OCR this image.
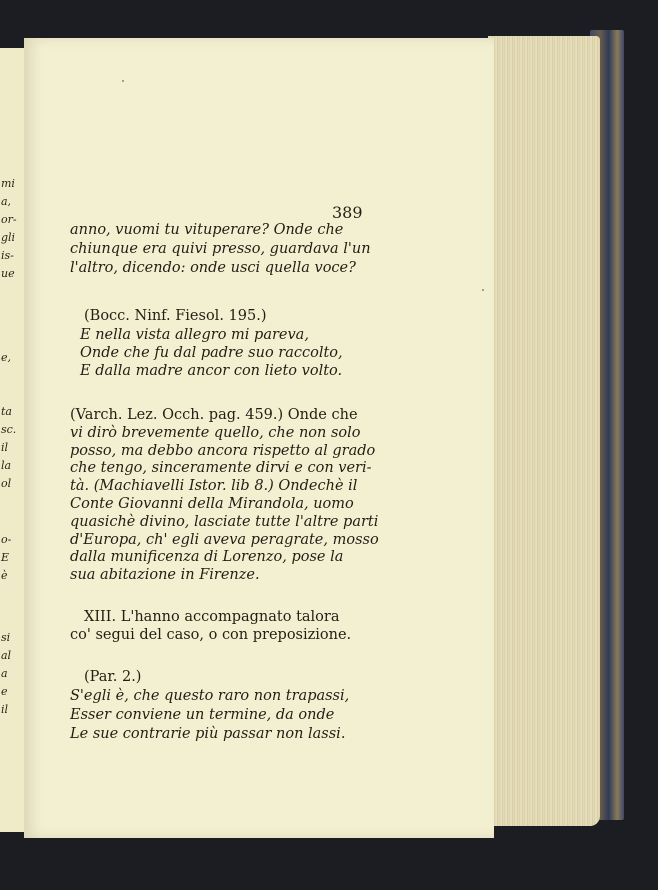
mi
a,
or-
gli
is-
ue
e,
ta
sc.
il
la
ol
o-
E
è
si
al
a
e
il
389
anno, vuomi tu vituperare? Onde che
chiunque era quivi presso, guardava l'un
l'altro, dicendo: onde usci quella voce?
(Bocc. Ninf. Fiesol. 195.)
E nella vista allegro mi pareva,
Onde che fu dal padre suo raccolto,
E dalla madre ancor con lieto volto.
(Varch. Lez. Occh. pag. 459.) Onde che
vi dirò brevemente quello, che non solo
posso, ma debbo ancora rispetto al grado
che tengo, sinceramente dirvi e con veri-
tà. (Machiavelli Istor. lib 8.) Ondechè il
Conte Giovanni della Mirandola, uomo
quasichè divino, lasciate tutte l'altre parti
d'Europa, ch' egli aveva peragrate, mosso
dalla munificenza di Lorenzo, pose la
sua abitazione in Firenze.
XIII. L'hanno accompagnato talora
co' segui del caso, o con preposizione.
(Par. 2.)
S'egli è, che questo raro non trapassi,
Esser conviene un termine, da onde
Le sue contrarie più passar non lassi.
